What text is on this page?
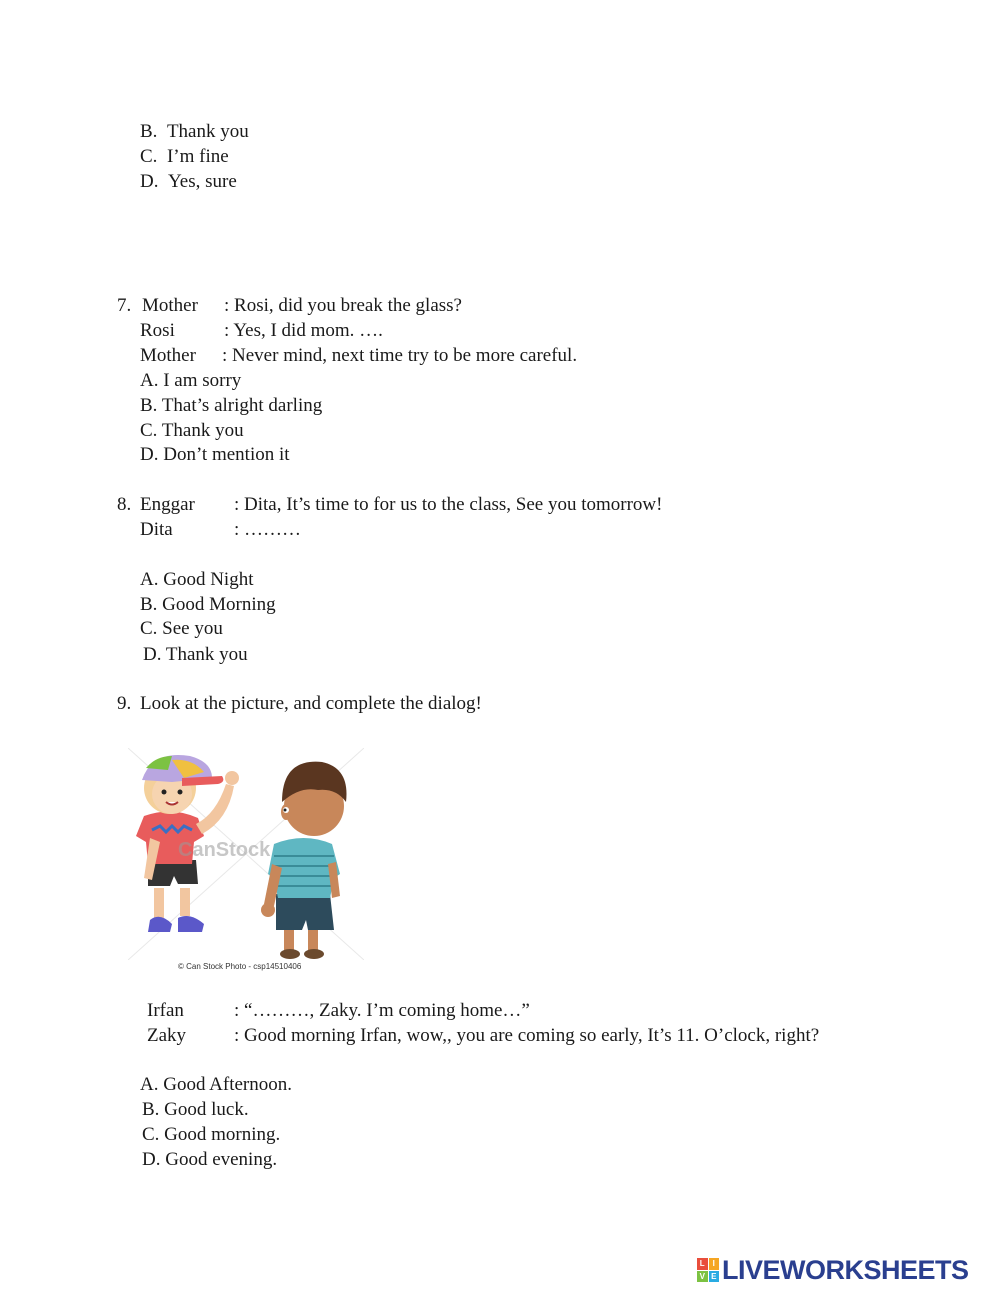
B. Thank you
C. I’m fine
D. Yes, sure
7. Mother : Rosi, did you break the glass?
Rosi	: Yes, I did mom. ….
Mother : Never mind, next time try to be more careful.
A. I am sorry
B. That’s alright darling
C. Thank you
D. Don’t mention it
8. Enggar : Dita, It’s time to for us to the class, See you tomorrow!
Dita	: ………
A. Good Night
B. Good Morning
C. See you
D. Thank you
9. Look at the picture, and complete the dialog!
CanStock
© Can Stock Photo - csp14510406
Irfan	: “………, Zaky. I’m coming home…”
Zaky	: Good morning Irfan, wow,, you are coming so early, It’s 11. O’clock, right?
A. Good Afternoon.
B. Good luck.
C. Good morning.
D. Good evening.
L I
V E LIVEWORKSHEETS
